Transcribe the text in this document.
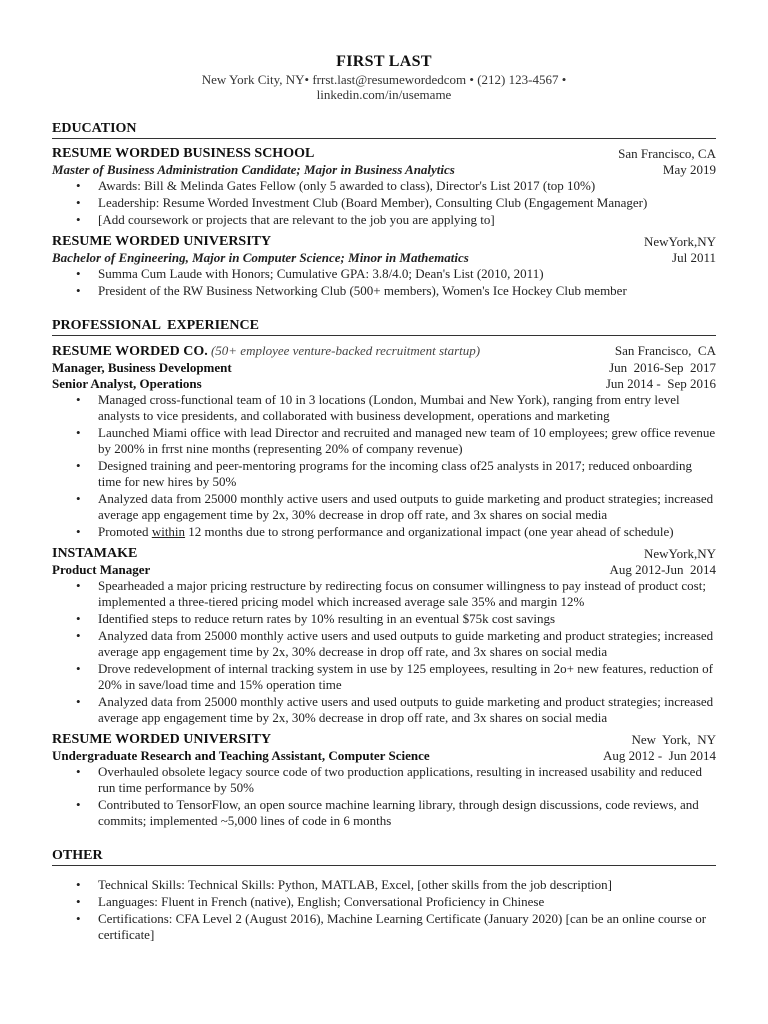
FIRST LAST
New York City, NY• frrst.last@resumewordedcom • (212) 123-4567 •
linkedin.com/in/usemame
EDUCATION
RESUME WORDED BUSINESS SCHOOL	San Francisco, CA
Master of Business Administration Candidate; Major in Business Analytics	May 2019
• Awards: Bill & Melinda Gates Fellow (only 5 awarded to class), Director's List 2017 (top 10%)
• Leadership: Resume Worded Investment Club (Board Member), Consulting Club (Engagement Manager)
• [Add coursework or projects that are relevant to the job you are applying to]
RESUME WORDED UNIVERSITY	NewYork,NY
Bachelor of Engineering, Major in Computer Science; Minor in Mathematics	Jul 2011
• Summa Cum Laude with Honors; Cumulative GPA: 3.8/4.0; Dean's List (2010, 2011)
• President of the RW Business Networking Club (500+ members), Women's Ice Hockey Club member
PROFESSIONAL  EXPERIENCE
RESUME WORDED CO. (50+ employee venture-backed recruitment startup)	San Francisco,  CA
Manager, Business Development	Jun  2016-Sep  2017
Senior Analyst, Operations	Jun 2014 -  Sep 2016
• Managed cross-functional team of 10 in 3 locations (London, Mumbai and New York), ranging from entry level analysts to vice presidents, and collaborated with business development, operations and marketing
• Launched Miami office with lead Director and recruited and managed new team of 10 employees; grew office revenue by 200% in frrst nine months (representing 20% of company revenue)
• Designed training and peer-mentoring programs for the incoming class of25 analysts in 2017; reduced onboarding time for new hires by 50%
• Analyzed data from 25000 monthly active users and used outputs to guide marketing and product strategies; increased average app engagement time by 2x, 30% decrease in drop off rate, and 3x shares on social media
• Promoted within 12 months due to strong performance and organizational impact (one year ahead of schedule)
INSTAMAKE	NewYork,NY
Product Manager	Aug 2012-Jun  2014
• Spearheaded a major pricing restructure by redirecting focus on consumer willingness to pay instead of product cost; implemented a three-tiered pricing model which increased average sale 35% and margin 12%
• Identified steps to reduce return rates by 10% resulting in an eventual $75k cost savings
• Analyzed data from 25000 monthly active users and used outputs to guide marketing and product strategies; increased average app engagement time by 2x, 30% decrease in drop off rate, and 3x shares on social media
• Drove redevelopment of internal tracking system in use by 125 employees, resulting in 2o+ new features, reduction of 20% in save/load time and 15% operation time
• Analyzed data from 25000 monthly active users and used outputs to guide marketing and product strategies; increased average app engagement time by 2x, 30% decrease in drop off rate, and 3x shares on social media
RESUME WORDED UNIVERSITY	New  York,  NY
Undergraduate Research and Teaching Assistant, Computer Science	Aug 2012 -  Jun 2014
• Overhauled obsolete legacy source code of two production applications, resulting in increased usability and reduced run time performance by 50%
• Contributed to TensorFlow, an open source machine learning library, through design discussions, code reviews, and commits; implemented ~5,000 lines of code in 6 months
OTHER
• Technical Skills: Technical Skills: Python, MATLAB, Excel, [other skills from the job description]
• Languages: Fluent in French (native), English; Conversational Proficiency in Chinese
• Certifications: CFA Level 2 (August 2016), Machine Learning Certificate (January 2020) [can be an online course or certificate]
